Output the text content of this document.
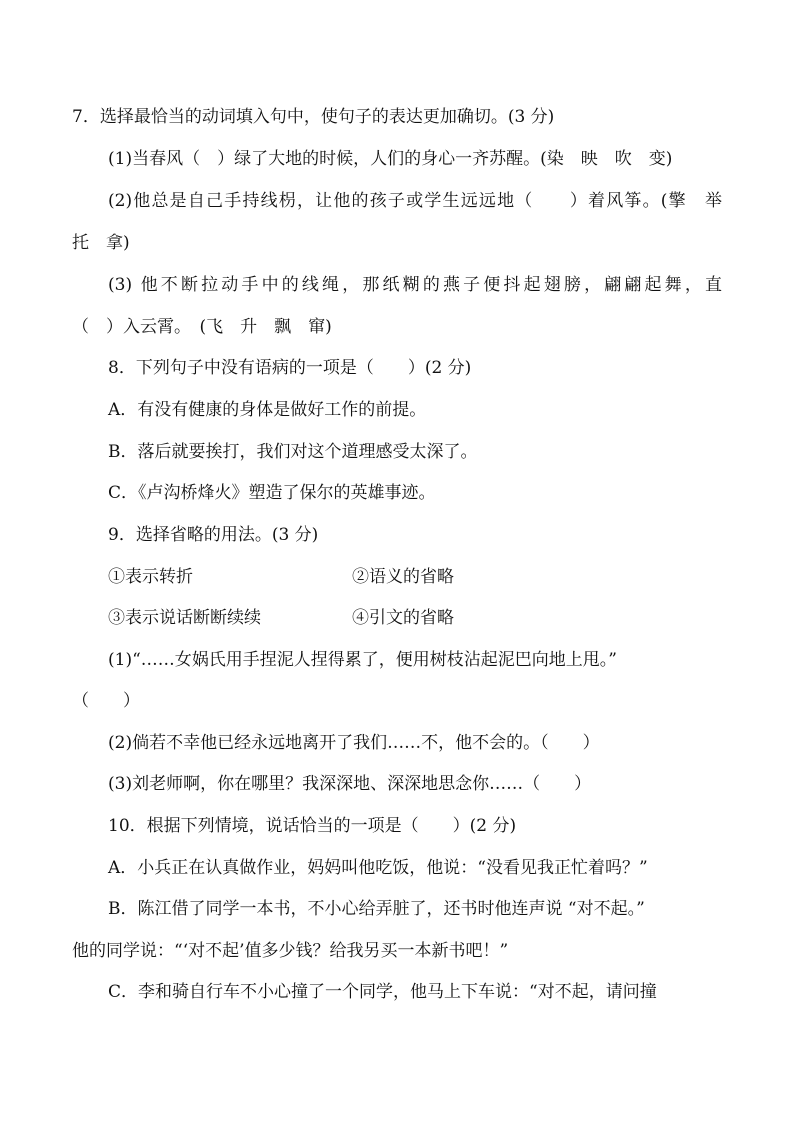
7．选择最恰当的动词填入句中，使句子的表达更加确切。(3 分)
(1)当春风（　）绿了大地的时候，人们的身心一齐苏醒。(染　映　吹　变)
(2)他总是自己手持线枴，让他的孩子或学生远远地（　　）着风筝。(擎　举
托　拿)
(3) 他不断拉动手中的线绳，那纸糊的燕子便抖起翅膀，翩翩起舞，直
（　）入云霄。　(飞　升　飘　窜)
8．下列句子中没有语病的一项是（　　）(2 分)
A．有没有健康的身体是做好工作的前提。
B．落后就要挨打，我们对这个道理感受太深了。
C．《卢沟桥烽火》塑造了保尔的英雄事迹。
9．选择省略的用法。(3 分)
①表示转折	②语义的省略
③表示说话断断续续	④引文的省略
(1)“……女娲氏用手捏泥人捏得累了，便用树枝沾起泥巴向地上甩。”
（　　）
(2)倘若不幸他已经永远地离开了我们……不，他不会的。（　　）
(3)刘老师啊，你在哪里？我深深地、深深地思念你……（　　）
10．根据下列情境，说话恰当的一项是（　　）(2 分)
A．小兵正在认真做作业，妈妈叫他吃饭，他说：“没看见我正忙着吗？”
B．陈江借了同学一本书，不小心给弄脏了，还书时他连声说 “对不起。”
他的同学说：“‘对不起’值多少钱？给我另买一本新书吧！”
C．李和骑自行车不小心撞了一个同学，他马上下车说：“对不起，请问撞
